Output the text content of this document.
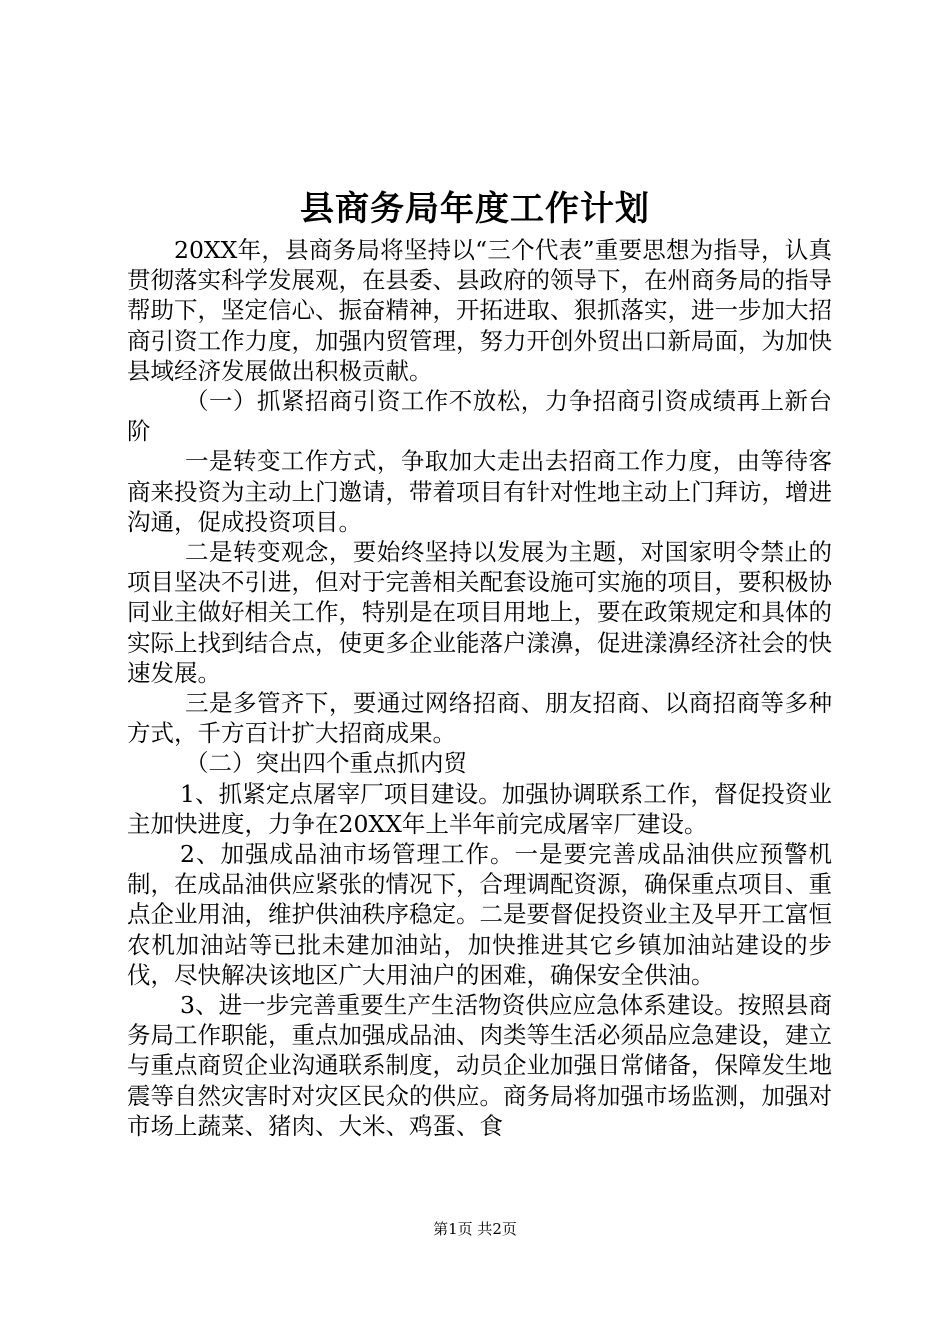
县商务局年度工作计划

20XX年，县商务局将坚持以“三个代表”重要思想为指导，认真贯彻落实科学发展观，在县委、县政府的领导下，在州商务局的指导帮助下，坚定信心、振奋精神，开拓进取、狠抓落实，进一步加大招商引资工作力度，加强内贸管理，努力开创外贸出口新局面，为加快县域经济发展做出积极贡献。

（一）抓紧招商引资工作不放松，力争招商引资成绩再上新台阶

一是转变工作方式，争取加大走出去招商工作力度，由等待客商来投资为主动上门邀请，带着项目有针对性地主动上门拜访，增进沟通，促成投资项目。

二是转变观念，要始终坚持以发展为主题，对国家明令禁止的项目坚决不引进，但对于完善相关配套设施可实施的项目，要积极协同业主做好相关工作，特别是在项目用地上，要在政策规定和具体的实际上找到结合点，使更多企业能落户漾濞，促进漾濞经济社会的快速发展。

三是多管齐下，要通过网络招商、朋友招商、以商招商等多种方式，千方百计扩大招商成果。

（二）突出四个重点抓内贸

1、抓紧定点屠宰厂项目建设。加强协调联系工作，督促投资业主加快进度，力争在20XX年上半年前完成屠宰厂建设。

2、加强成品油市场管理工作。一是要完善成品油供应预警机制，在成品油供应紧张的情况下，合理调配资源，确保重点项目、重点企业用油，维护供油秩序稳定。二是要督促投资业主及早开工富恒农机加油站等已批未建加油站，加快推进其它乡镇加油站建设的步伐，尽快解决该地区广大用油户的困难，确保安全供油。

3、进一步完善重要生产生活物资供应应急体系建设。按照县商务局工作职能，重点加强成品油、肉类等生活必须品应急建设，建立与重点商贸企业沟通联系制度，动员企业加强日常储备，保障发生地震等自然灾害时对灾区民众的供应。商务局将加强市场监测，加强对市场上蔬菜、猪肉、大米、鸡蛋、食

第1页 共2页
